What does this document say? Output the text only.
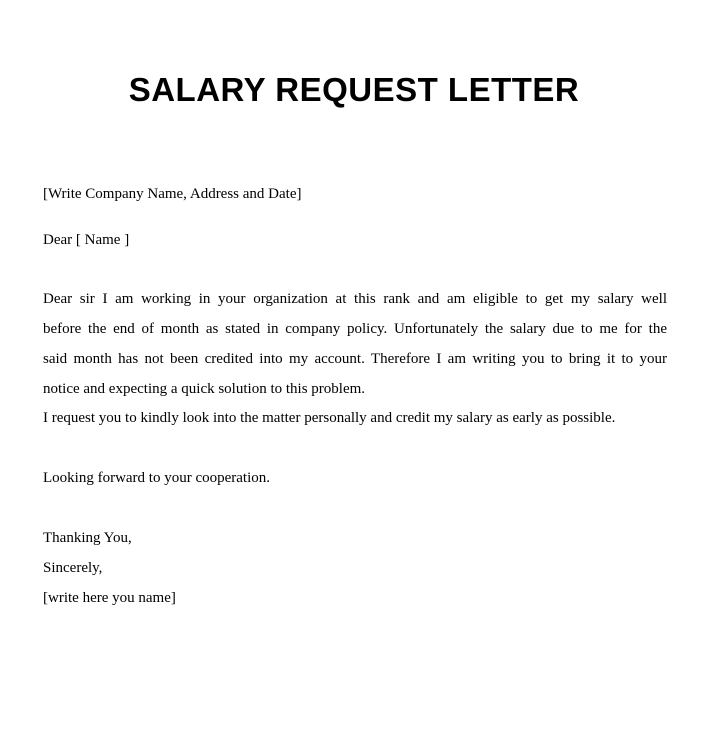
SALARY REQUEST LETTER

[Write Company Name, Address and Date]

Dear [ Name ]

Dear sir I am working in your organization at this rank and am eligible to get my salary well

before the end of month as stated in company policy. Unfortunately the salary due to me for the

said month has not been credited into my account. Therefore I am writing you to bring it to your

notice and expecting a quick solution to this problem.

I request you to kindly look into the matter personally and credit my salary as early as possible.

Looking forward to your cooperation.

Thanking You,

Sincerely,

[write here you name]
